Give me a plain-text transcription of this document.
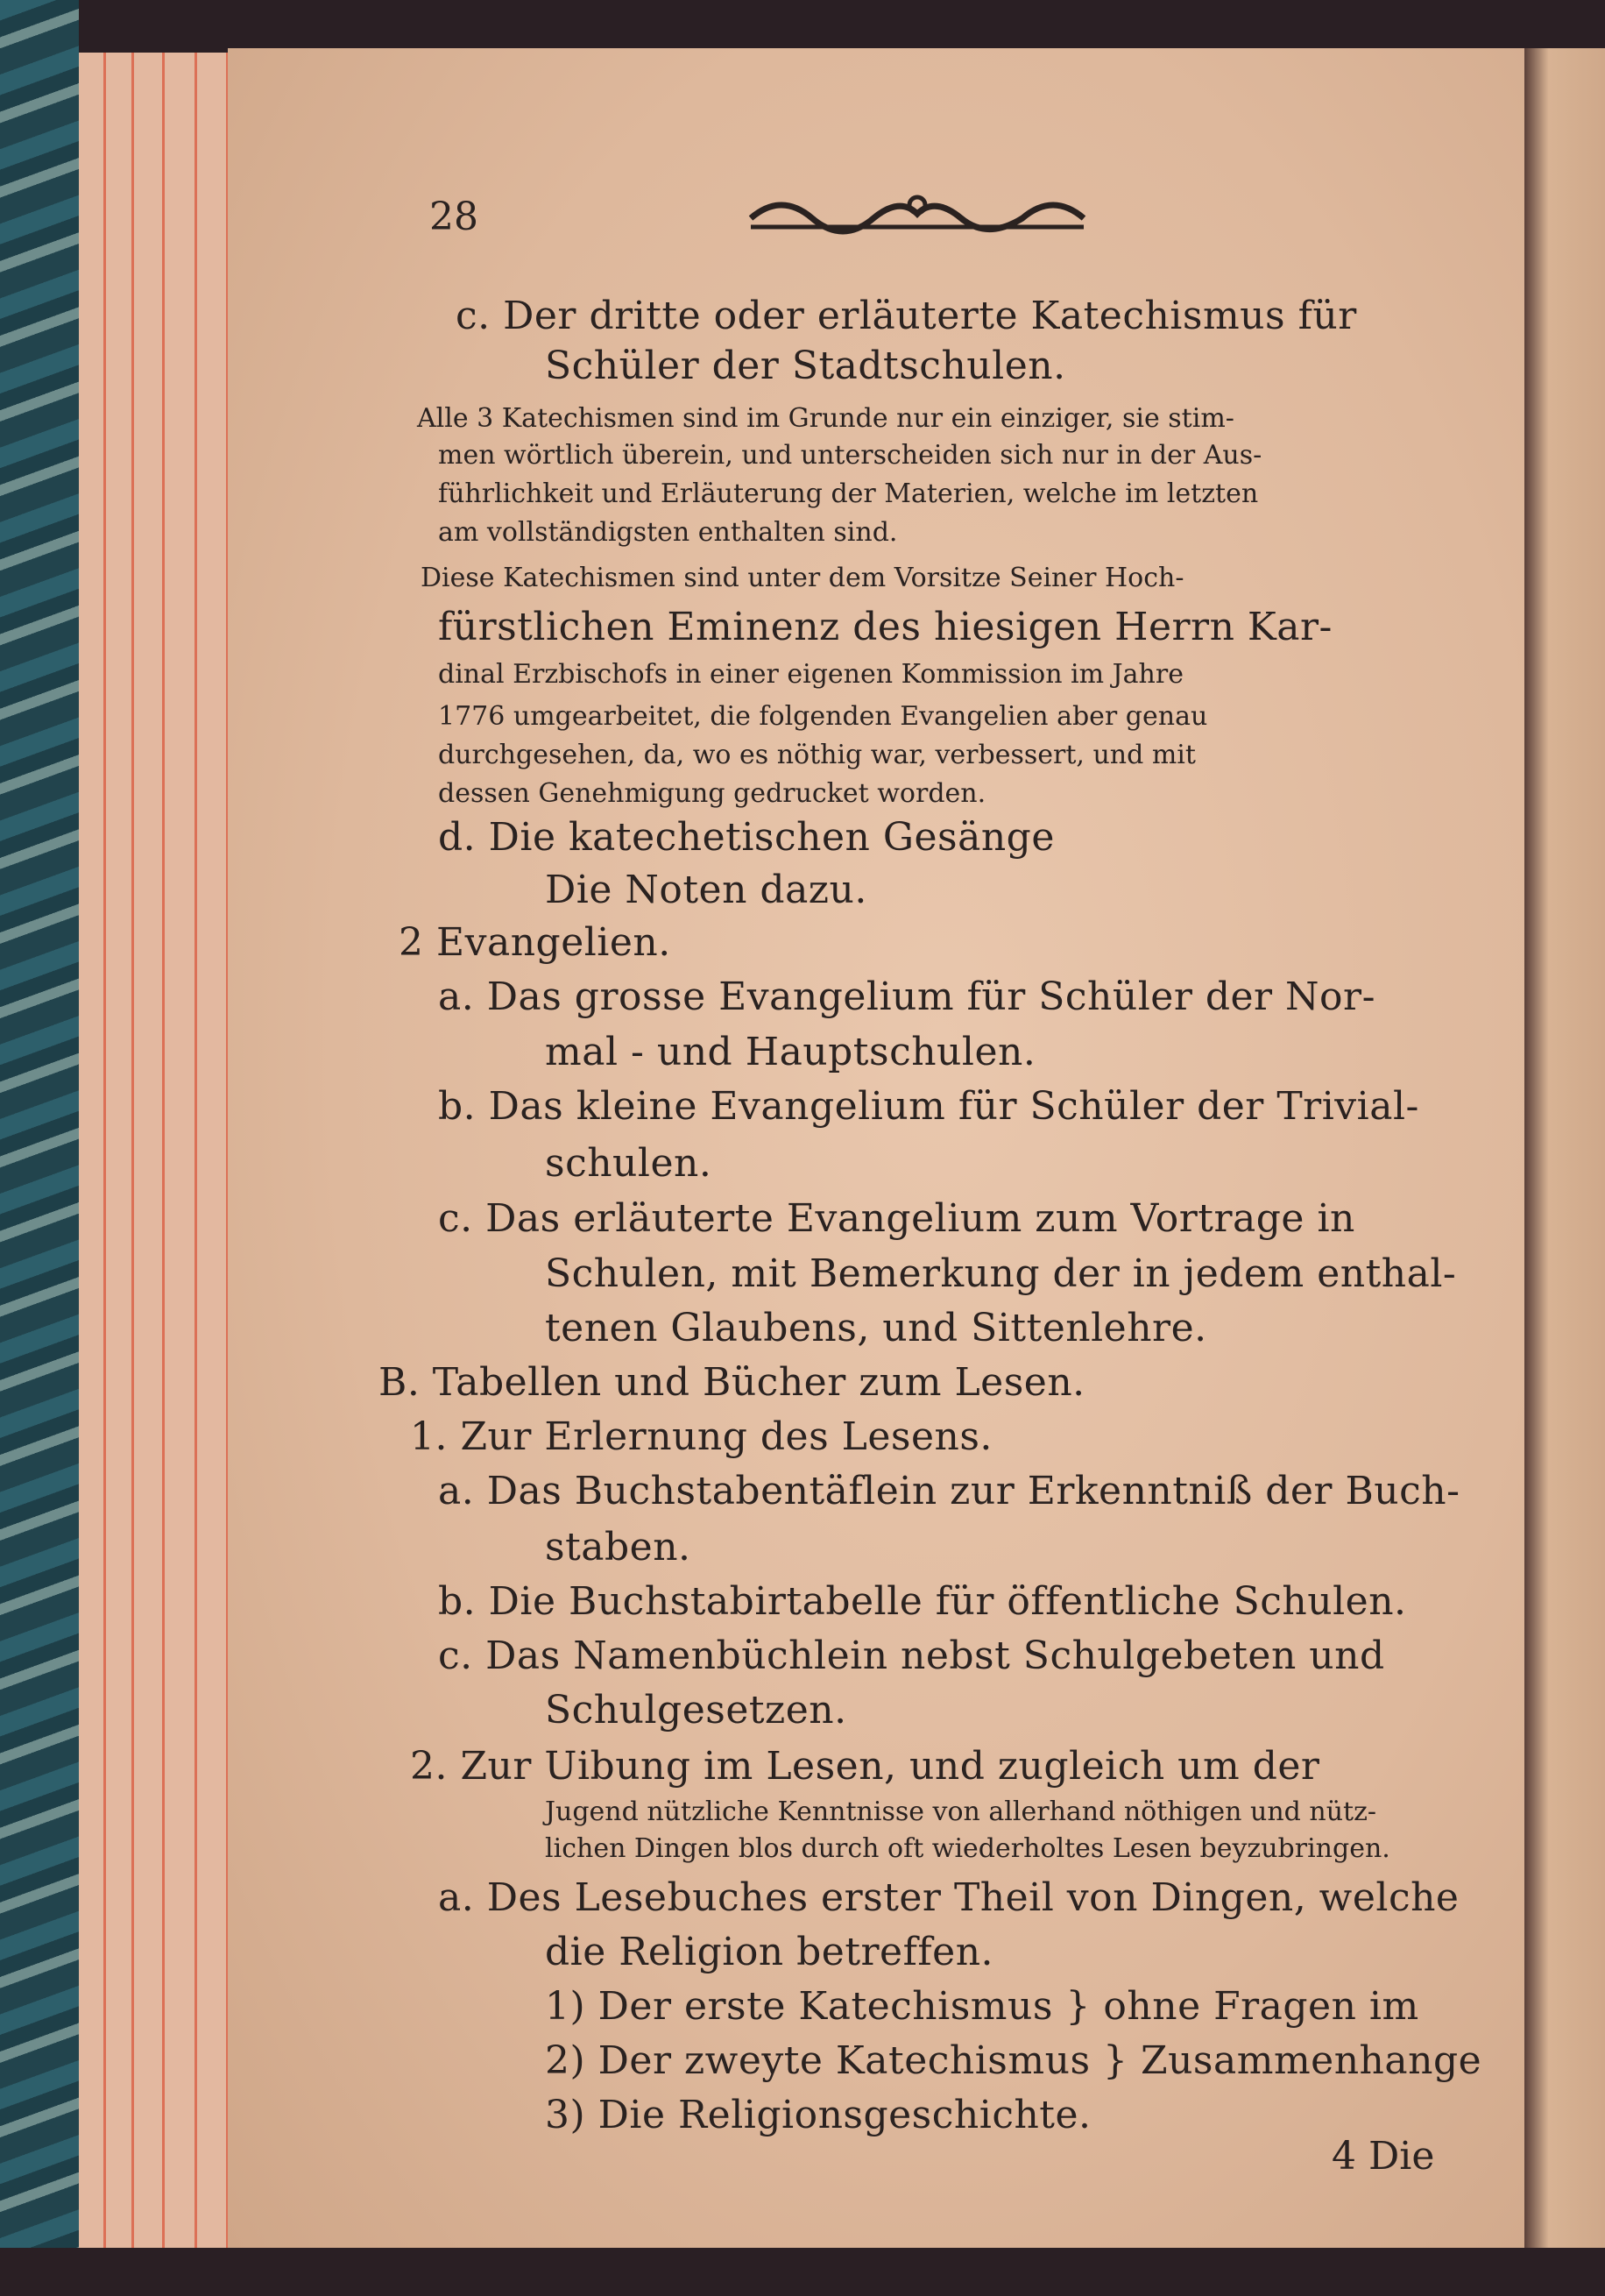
28
c. Der dritte oder erläuterte Katechismus für
Schüler der Stadtschulen.
Alle 3 Katechismen sind im Grunde nur ein einziger, sie stim-
men wörtlich überein, und unterscheiden sich nur in der Aus-
führlichkeit und Erläuterung der Materien, welche im letzten
am vollständigsten enthalten sind.
Diese Katechismen sind unter dem Vorsitze Seiner Hoch-
fürstlichen Eminenz des hiesigen Herrn Kar-
dinal Erzbischofs in einer eigenen Kommission im Jahre
1776 umgearbeitet, die folgenden Evangelien aber genau
durchgesehen, da, wo es nöthig war, verbessert, und mit
dessen Genehmigung gedrucket worden.
d. Die katechetischen Gesänge
Die Noten dazu.
2 Evangelien.
a. Das grosse Evangelium für Schüler der Nor-
mal - und Hauptschulen.
b. Das kleine Evangelium für Schüler der Trivial-
schulen.
c. Das erläuterte Evangelium zum Vortrage in
Schulen, mit Bemerkung der in jedem enthal-
tenen Glaubens, und Sittenlehre.
B. Tabellen und Bücher zum Lesen.
1. Zur Erlernung des Lesens.
a. Das Buchstabentäflein zur Erkenntniß der Buch-
staben.
b. Die Buchstabirtabelle für öffentliche Schulen.
c. Das Namenbüchlein nebst Schulgebeten und
Schulgesetzen.
2. Zur Uibung im Lesen, und zugleich um der
Jugend nützliche Kenntnisse von allerhand nöthigen und nütz-
lichen Dingen blos durch oft wiederholtes Lesen beyzubringen.
a. Des Lesebuches erster Theil von Dingen, welche
die Religion betreffen.
1) Der erste Katechismus } ohne Fragen im
2) Der zweyte Katechismus } Zusammenhange
3) Die Religionsgeschichte.
4 Die
